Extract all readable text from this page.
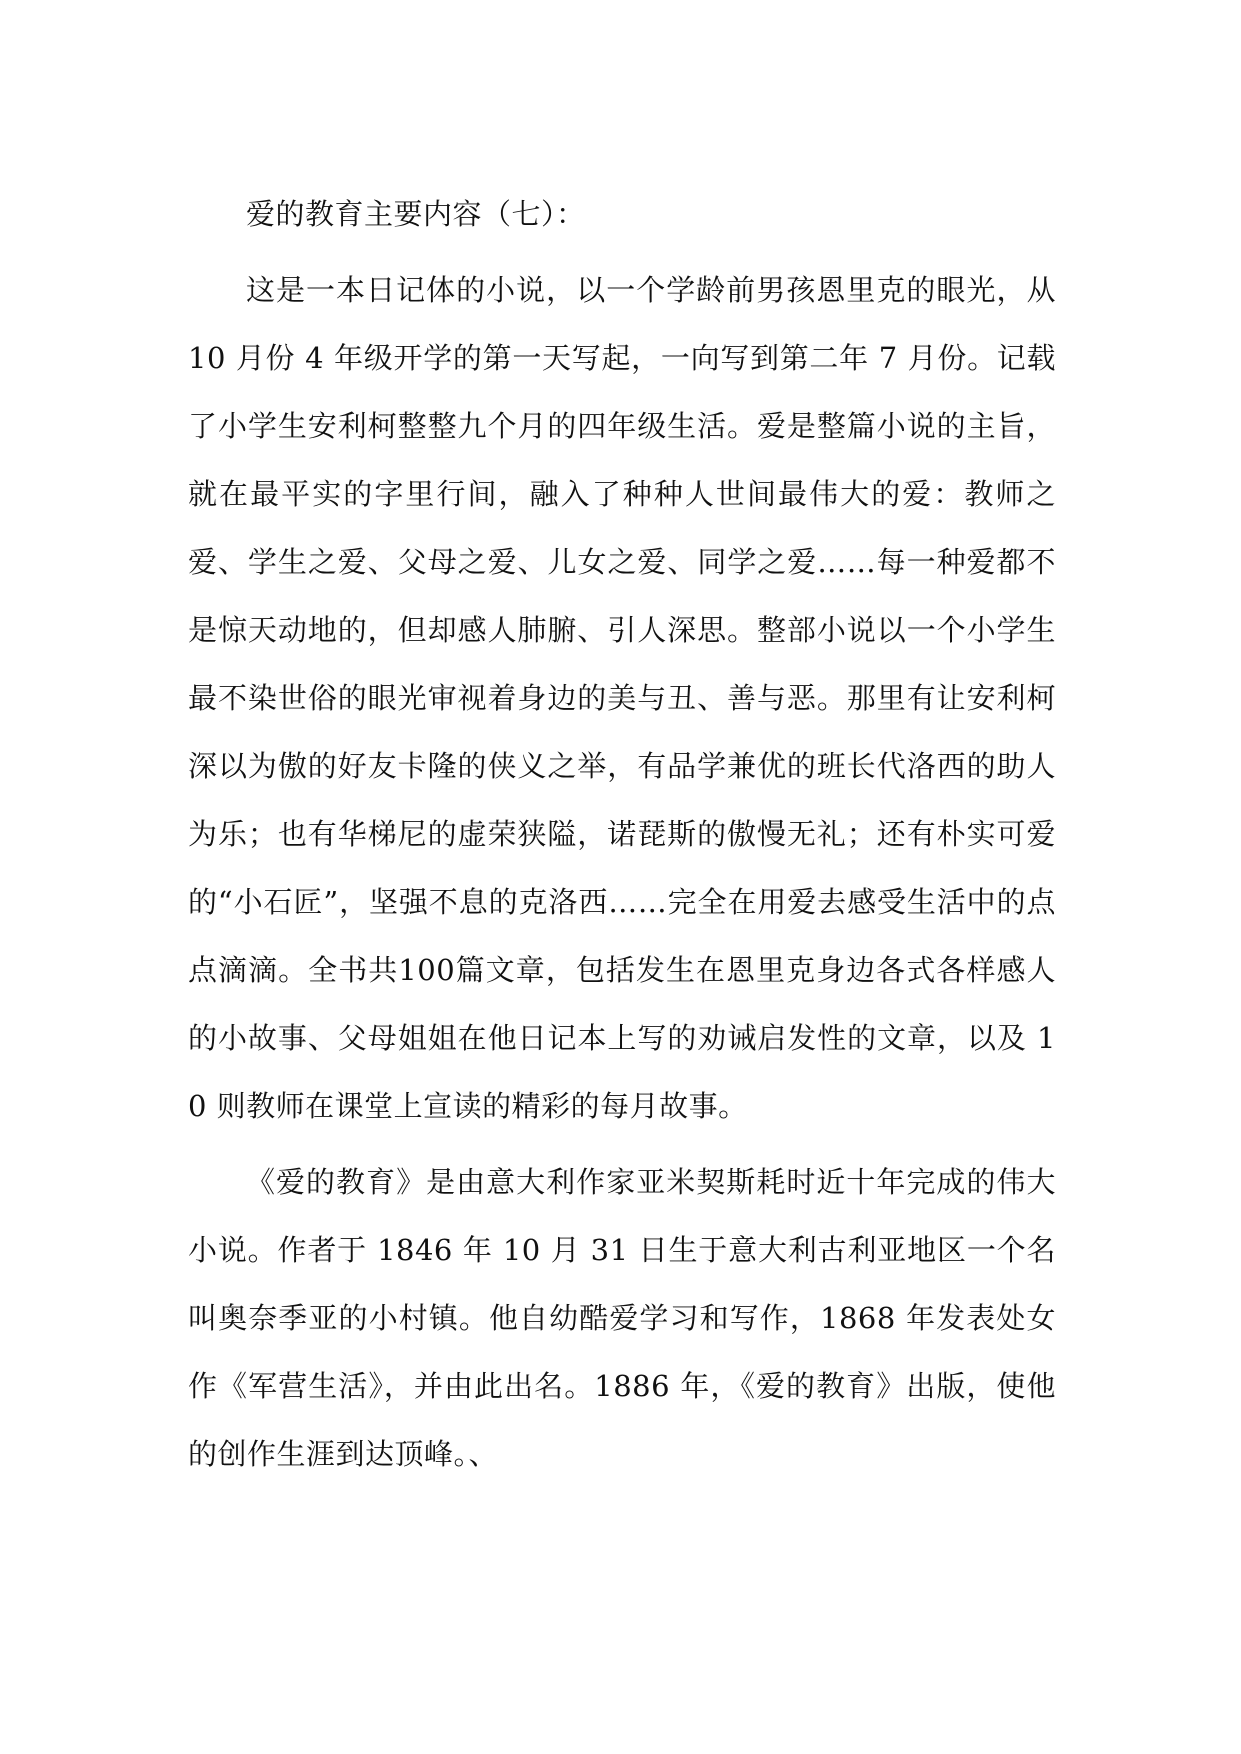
爱的教育主要内容（七）：

这是一本日记体的小说，以一个学龄前男孩恩里克的眼光，从 10 月份 4 年级开学的第一天写起，一向写到第二年 7 月份。记载了小学生安利柯整整九个月的四年级生活。爱是整篇小说的主旨，就在最平实的字里行间，融入了种种人世间最伟大的爱：教师之爱、学生之爱、父母之爱、儿女之爱、同学之爱……每一种爱都不是惊天动地的，但却感人肺腑、引人深思。整部小说以一个小学生最不染世俗的眼光审视着身边的美与丑、善与恶。那里有让安利柯深以为傲的好友卡隆的侠义之举，有品学兼优的班长代洛西的助人为乐；也有华梯尼的虚荣狭隘，诺琵斯的傲慢无礼；还有朴实可爱的“小石匠”，坚强不息的克洛西……完全在用爱去感受生活中的点点滴滴。全书共100篇文章，包括发生在恩里克身边各式各样感人的小故事、父母姐姐在他日记本上写的劝诫启发性的文章，以及 10 则教师在课堂上宣读的精彩的每月故事。

《爱的教育》是由意大利作家亚米契斯耗时近十年完成的伟大小说。作者于 1846 年 10 月 31 日生于意大利古利亚地区一个名叫奥奈季亚的小村镇。他自幼酷爱学习和写作，1868 年发表处女作《军营生活》，并由此出名。1886 年，《爱的教育》出版，使他的创作生涯到达顶峰。、
